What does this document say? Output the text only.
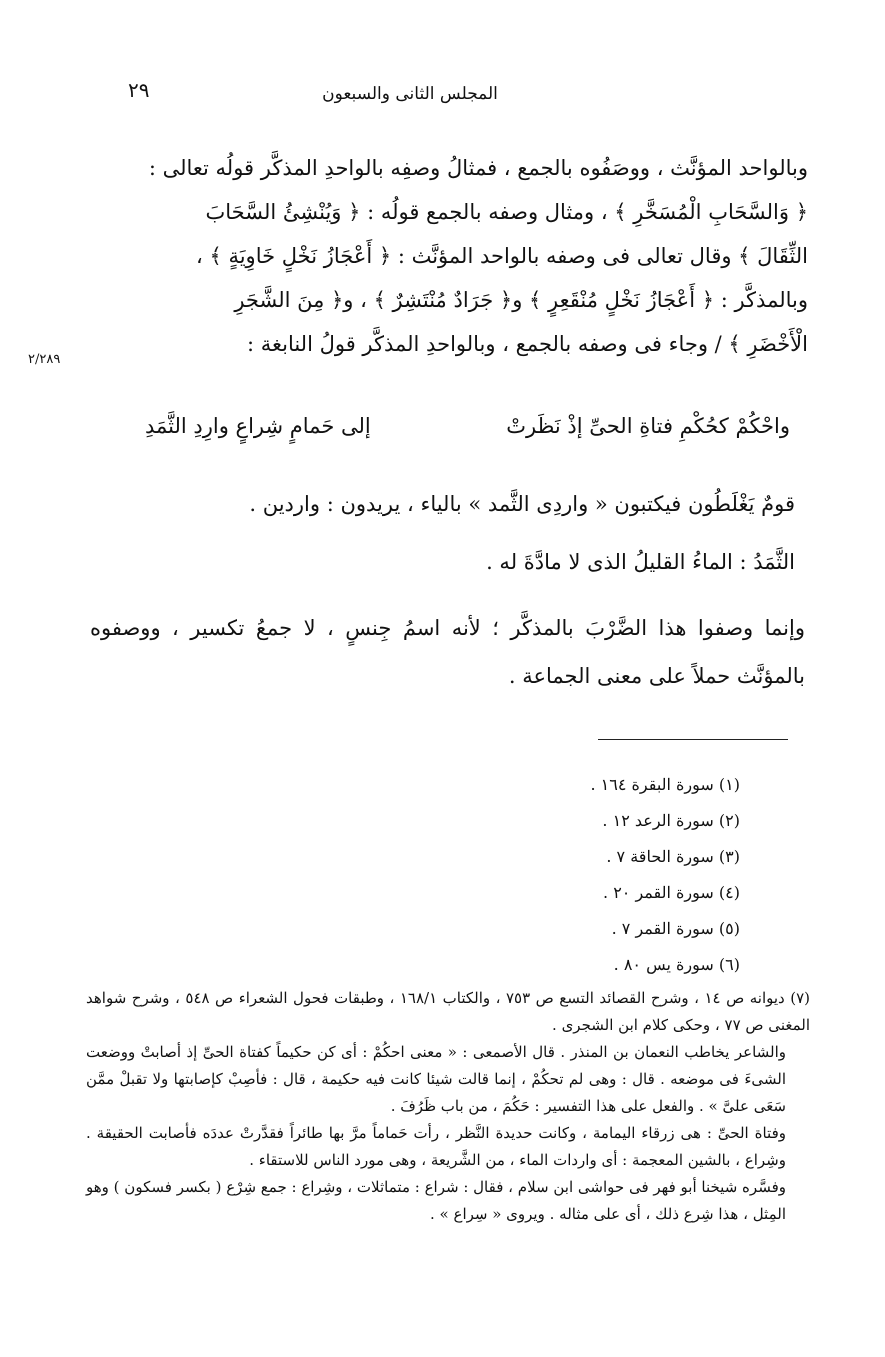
٢٩	المجلس الثانى والسبعون
٢/٢٨٩

وبالواحد المؤنَّث ، ووصَفُوه بالجمع ، فمثالُ وصفِه بالواحدِ المذكَّر قولُه تعالى :

﴿ وَالسَّحَابِ الْمُسَخَّرِ ﴾ ، ومثال وصفه بالجمع قولُه : ﴿ وَيُنْشِئُ السَّحَابَ

الثِّقَالَ ﴾ وقال تعالى فى وصفه بالواحد المؤنَّث : ﴿ أَعْجَازُ نَخْلٍ خَاوِيَةٍ ﴾ ،

وبالمذكَّر : ﴿ أَعْجَازُ نَخْلٍ مُنْقَعِرٍ ﴾ و﴿ جَرَادٌ مُنْتَشِرٌ ﴾ ، و﴿ مِنَ الشَّجَرِ

الْأَخْضَرِ ﴾ / وجاء فى وصفه بالجمع ، وبالواحدِ المذكَّر قولُ النابغة :

واحْكُمْ كحُكْمِ فتاةِ الحىِّ إذْ نَظَرتْ
إلى حَمامٍ شِراعٍ وارِدِ الثَّمَدِ
قومٌ يَغْلَطُون فيكتبون « واردِى الثَّمد » بالياء ، يريدون : واردين .
الثَّمَدُ : الماءُ القليلُ الذى لا مادَّةَ له .
وإنما وصفوا هذا الضَّرْبَ بالمذكَّر ؛ لأنه اسمُ جِنسٍ ، لا جمعُ تكسير ، ووصفوه بالمؤنَّث حملاً على معنى الجماعة .
(١) سورة البقرة ١٦٤ .
(٢) سورة الرعد ١٢ .
(٣) سورة الحاقة ٧ .
(٤) سورة القمر ٢٠ .
(٥) سورة القمر ٧ .
(٦) سورة يس ٨٠ .

(٧) ديوانه ص ١٤ ، وشرح القصائد التسع ص ٧٥٣ ، والكتاب ١٦٨/١ ، وطبقات فحول الشعراء ص ٥٤٨ ، وشرح شواهد المغنى ص ٧٧ ، وحكى كلام ابن الشجرى .

والشاعر يخاطب النعمان بن المنذر . قال الأصمعى : « معنى احكُمْ : أى كن حكيماً كفتاة الحىِّ إذ أصابتْ ووضعت الشىءَ فى موضعه . قال : وهى لم تحكُمْ ، إنما قالت شيئا كانت فيه حكيمة ، قال : فأصِبْ كإصابتها ولا تقبلْ ممَّن سَعَى علىَّ » . والفعل على هذا التفسير : حَكُمَ ، من باب ظَرُفَ .

وفتاة الحىِّ : هى زرقاء اليمامة ، وكانت حديدة النَّظر ، رأت حَماماً مرَّ بها طائراً فقدَّرتْ عددَه فأصابت الحقيقة . وشِراع ، بالشين المعجمة : أى واردات الماء ، من الشَّريعة ، وهى مورد الناس للاستقاء .

وفسَّره شيخنا أبو فهر فى حواشى ابن سلام ، فقال : شراع : متماثلات ، وشِراع : جمع شِرْع ( بكسر فسكون ) وهو المِثل ، هذا شِرع ذلك ، أى على مثاله . ويروى « سِراع » .
